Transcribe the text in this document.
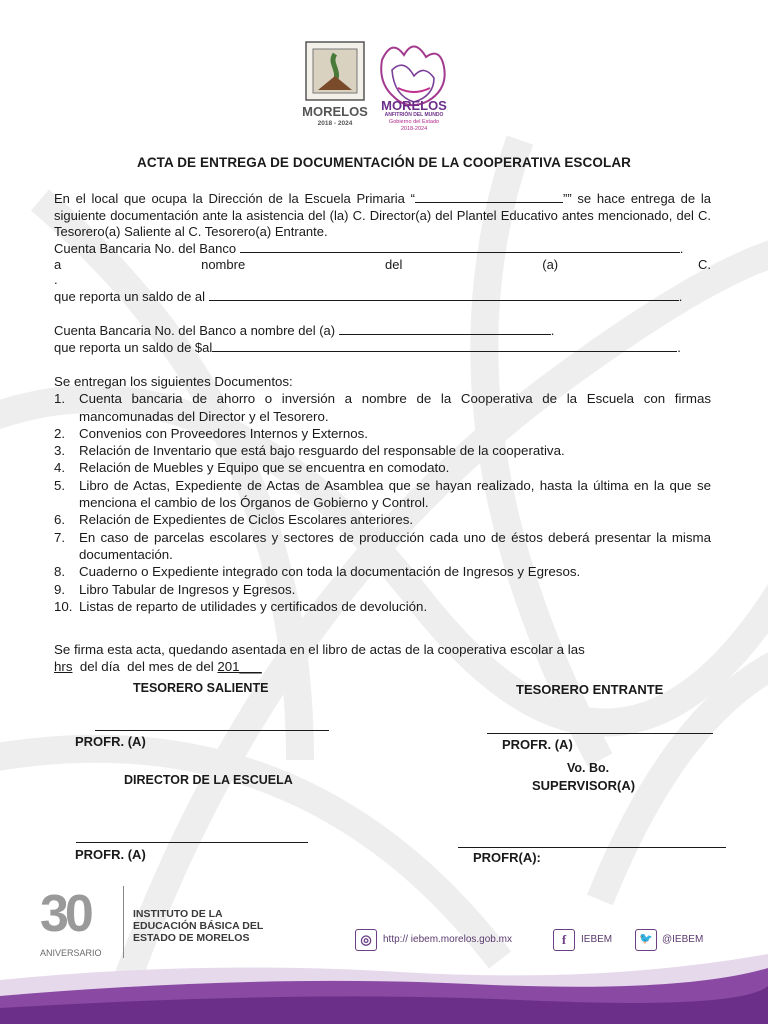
MORELOS
2018 - 2024
MORELOS
ANFITRIÓN DEL MUNDO
Gobierno del Estado
2018-2024
ACTA DE ENTREGA DE DOCUMENTACIÓN DE LA COOPERATIVA ESCOLAR
En el local que ocupa la Dirección de la Escuela Primaria “	”” se hace entrega de la siguiente documentación ante la asistencia del (la) C. Director(a) del Plantel Educativo antes mencionado, del C. Tesorero(a) Saliente al C. Tesorero(a) Entrante.
Cuenta Bancaria No. del Banco	.
a	nombre	del	(a)	C.
.
que reporta un saldo de al	.
Cuenta Bancaria No. del Banco a nombre del (a)	.
que reporta un saldo de $al	.
Se entregan los siguientes Documentos:
1. Cuenta bancaria de ahorro o inversión a nombre de la Cooperativa de la Escuela con firmas mancomunadas del Director y el Tesorero.
2. Convenios con Proveedores Internos y Externos.
3. Relación de Inventario que está bajo resguardo del responsable de la cooperativa.
4. Relación de Muebles y Equipo que se encuentra en comodato.
5. Libro de Actas, Expediente de Actas de Asamblea que se hayan realizado, hasta la última en la que se menciona el cambio de los Órganos de Gobierno y Control.
6. Relación de Expedientes de Ciclos Escolares anteriores.
7. En caso de parcelas escolares y sectores de producción cada uno de éstos deberá presentar la misma documentación.
8. Cuaderno o Expediente integrado con toda la documentación de Ingresos y Egresos.
9. Libro Tabular de Ingresos y Egresos.
10. Listas de reparto de utilidades y certificados de devolución.
Se firma esta acta, quedando asentada en el libro de actas de la cooperativa escolar a las
hrs  del día  del mes de del 201___
TESORERO SALIENTE	TESORERO ENTRANTE
PROFR. (A)	PROFR. (A)
Vo. Bo.
DIRECTOR DE LA ESCUELA	SUPERVISOR(A)
PROFR. (A)	PROFR(A):
30
ANIVERSARIO
INSTITUTO DE LA
EDUCACIÓN BÁSICA DEL
ESTADO DE MORELOS	◎	http:// iebem.morelos.gob.mx	f	IEBEM	🐦 @IEBEM
